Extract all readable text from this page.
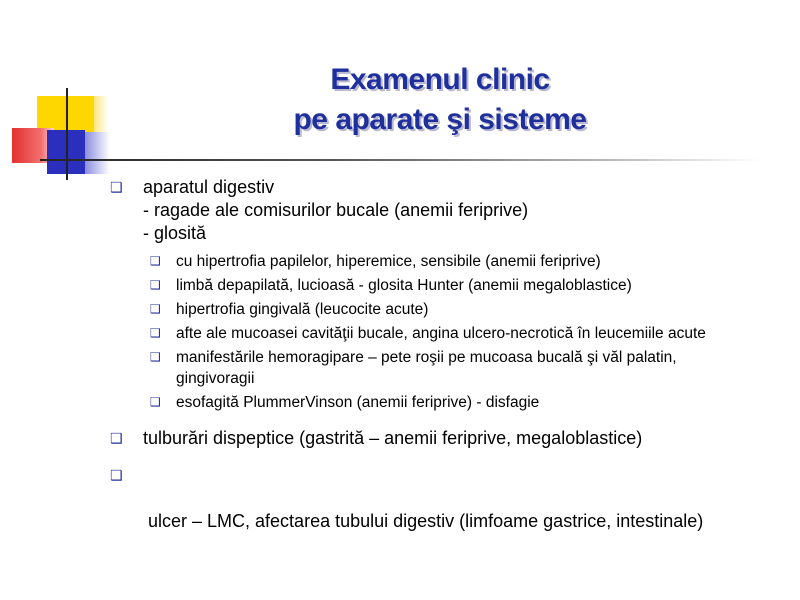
Examenul clinic
pe aparate şi sisteme
❑	aparatul digestiv
- ragade ale comisurilor bucale (anemii feriprive)
- glosită
❑ cu hipertrofia papilelor, hiperemice, sensibile (anemii feriprive)
❑ limbă depapilată, lucioasă - glosita Hunter (anemii megaloblastice)
❑ hipertrofia gingivală (leucocite acute)
❑ afte ale mucoasei cavităţii bucale, angina ulcero-necrotică în leucemiile acute
❑ manifestările hemoragipare – pete roşii pe mucoasa bucală şi văl palatin,
gingivoragii
❑ esofagită PlummerVinson (anemii feriprive) - disfagie
❑	tulburări dispeptice (gastrită – anemii feriprive, megaloblastice)
❑

ulcer – LMC, afectarea tubului digestiv (limfoame gastrice, intestinale)
